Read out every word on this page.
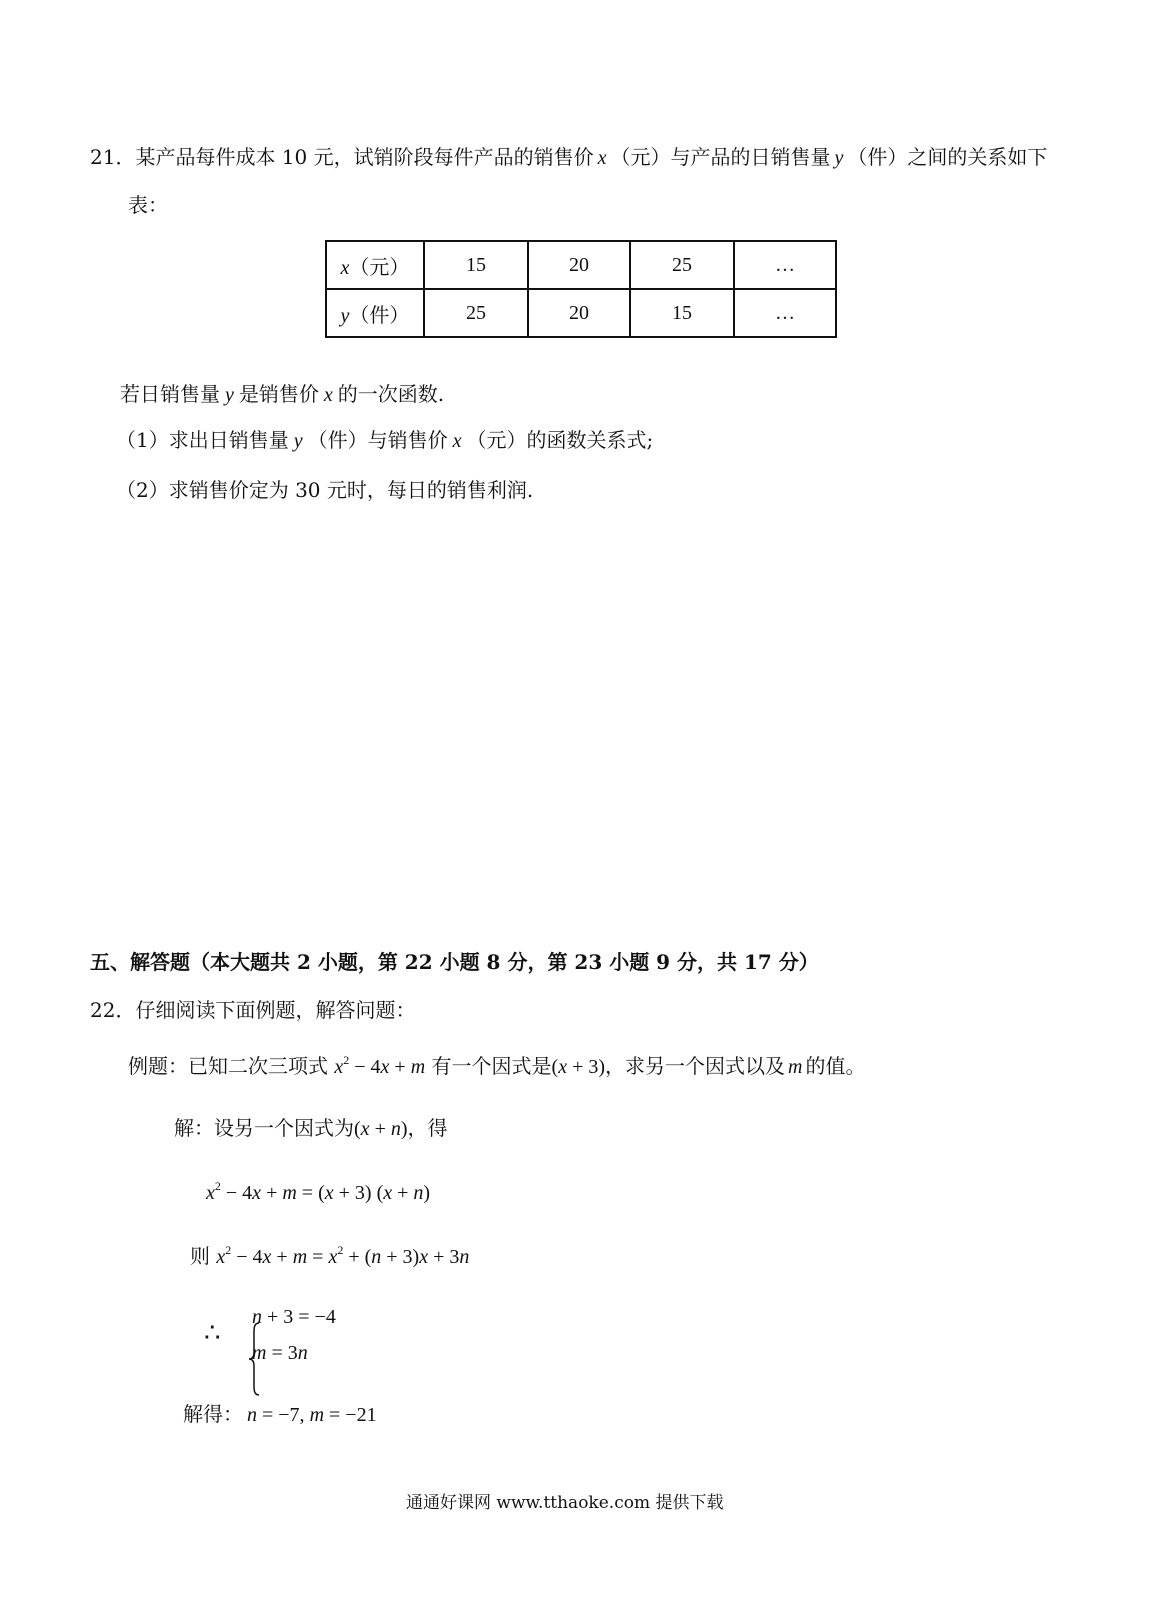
21．某产品每件成本 10 元，试销阶段每件产品的销售价 x （元）与产品的日销售量 y （件）之间的关系如下
表：
x（元）	15	20	25	…
y（件）	25	20	15	…
若日销售量 y 是销售价 x 的一次函数.
（1）求出日销售量 y （件）与销售价 x （元）的函数关系式;
（2）求销售价定为 30 元时，每日的销售利润.
五、解答题（本大题共 2 小题，第 22 小题 8 分，第 23 小题 9 分，共 17 分）
22．仔细阅读下面例题，解答问题：
例题：已知二次三项式 $x^2 - 4x + m$ 有一个因式是(x + 3)，求另一个因式以及 m 的值。
解：设另一个因式为(x + n)，得
$x^2 - 4x + m = (x + 3) (x + n)$
则 $x^2 - 4x + m = x^2 + (n + 3)x + 3n$
∴
n + 3 = −4
m = 3n
解得： n = −7, m = −21
通通好课网 www.tthaoke.com 提供下载
